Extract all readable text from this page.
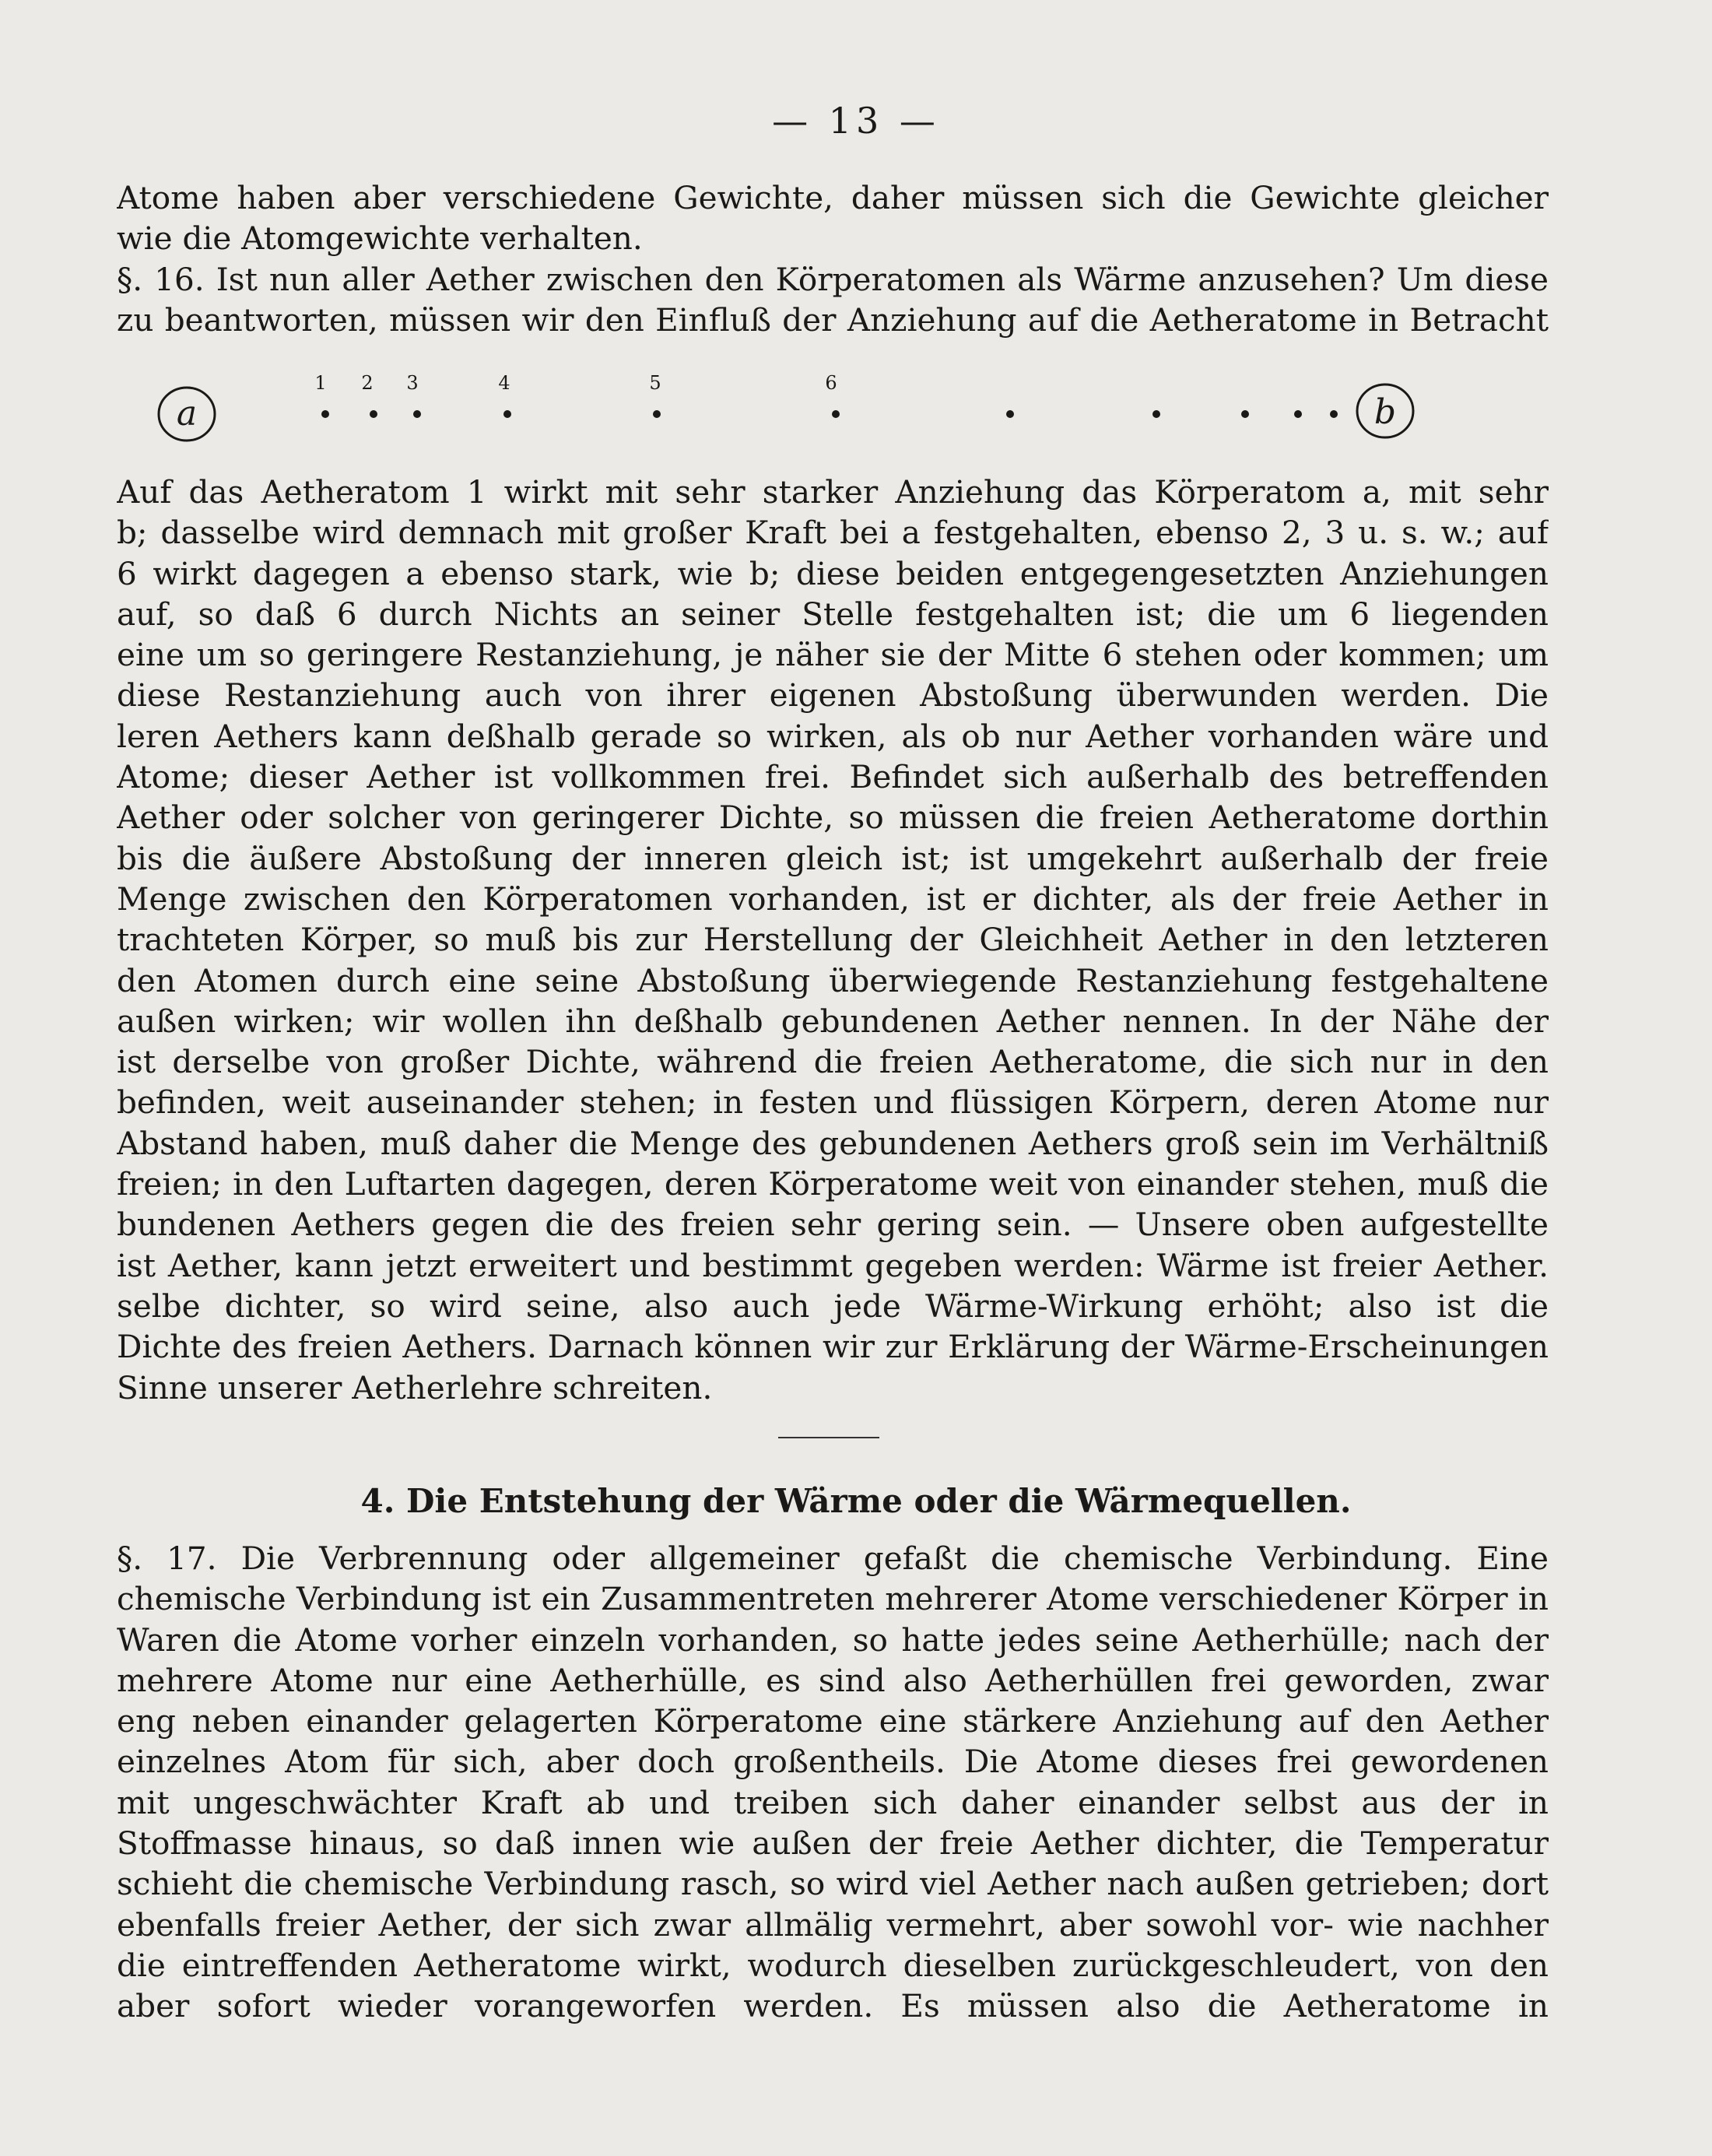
— 13 —
Atome haben aber verschiedene Gewichte, daher müssen sich die Gewichte gleicher
wie die Atomgewichte verhalten.
§. 16. Ist nun aller Aether zwischen den Körperatomen als Wärme anzusehen? Um diese
zu beantworten, müssen wir den Einfluß der Anziehung auf die Aetheratome in Betracht
a
1 2 3	4	5	6
b
Auf das Aetheratom 1 wirkt mit sehr starker Anziehung das Körperatom a, mit sehr
b; dasselbe wird demnach mit großer Kraft bei a festgehalten, ebenso 2, 3 u. s. w.; auf
6 wirkt dagegen a ebenso stark, wie b; diese beiden entgegengesetzten Anziehungen
auf, so daß 6 durch Nichts an seiner Stelle festgehalten ist; die um 6 liegenden
eine um so geringere Restanziehung, je näher sie der Mitte 6 stehen oder kommen; um
diese Restanziehung auch von ihrer eigenen Abstoßung überwunden werden. Die
leren Aethers kann deßhalb gerade so wirken, als ob nur Aether vorhanden wäre und
Atome; dieser Aether ist vollkommen frei. Befindet sich außerhalb des betreffenden
Aether oder solcher von geringerer Dichte, so müssen die freien Aetheratome dorthin
bis die äußere Abstoßung der inneren gleich ist; ist umgekehrt außerhalb der freie
Menge zwischen den Körperatomen vorhanden, ist er dichter, als der freie Aether in
trachteten Körper, so muß bis zur Herstellung der Gleichheit Aether in den letzteren
den Atomen durch eine seine Abstoßung überwiegende Restanziehung festgehaltene
außen wirken; wir wollen ihn deßhalb gebundenen Aether nennen. In der Nähe der
ist derselbe von großer Dichte, während die freien Aetheratome, die sich nur in den
befinden, weit auseinander stehen; in festen und flüssigen Körpern, deren Atome nur
Abstand haben, muß daher die Menge des gebundenen Aethers groß sein im Verhältniß
freien; in den Luftarten dagegen, deren Körperatome weit von einander stehen, muß die
bundenen Aethers gegen die des freien sehr gering sein. — Unsere oben aufgestellte
ist Aether, kann jetzt erweitert und bestimmt gegeben werden: Wärme ist freier Aether.
selbe dichter, so wird seine, also auch jede Wärme-Wirkung erhöht; also ist die
Dichte des freien Aethers. Darnach können wir zur Erklärung der Wärme-Erscheinungen
Sinne unserer Aetherlehre schreiten.
4. Die Entstehung der Wärme oder die Wärmequellen.
§. 17. Die Verbrennung oder allgemeiner gefaßt die chemische Verbindung. Eine
chemische Verbindung ist ein Zusammentreten mehrerer Atome verschiedener Körper in
Waren die Atome vorher einzeln vorhanden, so hatte jedes seine Aetherhülle; nach der
mehrere Atome nur eine Aetherhülle, es sind also Aetherhüllen frei geworden, zwar
eng neben einander gelagerten Körperatome eine stärkere Anziehung auf den Aether
einzelnes Atom für sich, aber doch großentheils. Die Atome dieses frei gewordenen
mit ungeschwächter Kraft ab und treiben sich daher einander selbst aus der in
Stoffmasse hinaus, so daß innen wie außen der freie Aether dichter, die Temperatur
schieht die chemische Verbindung rasch, so wird viel Aether nach außen getrieben; dort
ebenfalls freier Aether, der sich zwar allmälig vermehrt, aber sowohl vor- wie nachher
die eintreffenden Aetheratome wirkt, wodurch dieselben zurückgeschleudert, von den
aber sofort wieder vorangeworfen werden. Es müssen also die Aetheratome in
